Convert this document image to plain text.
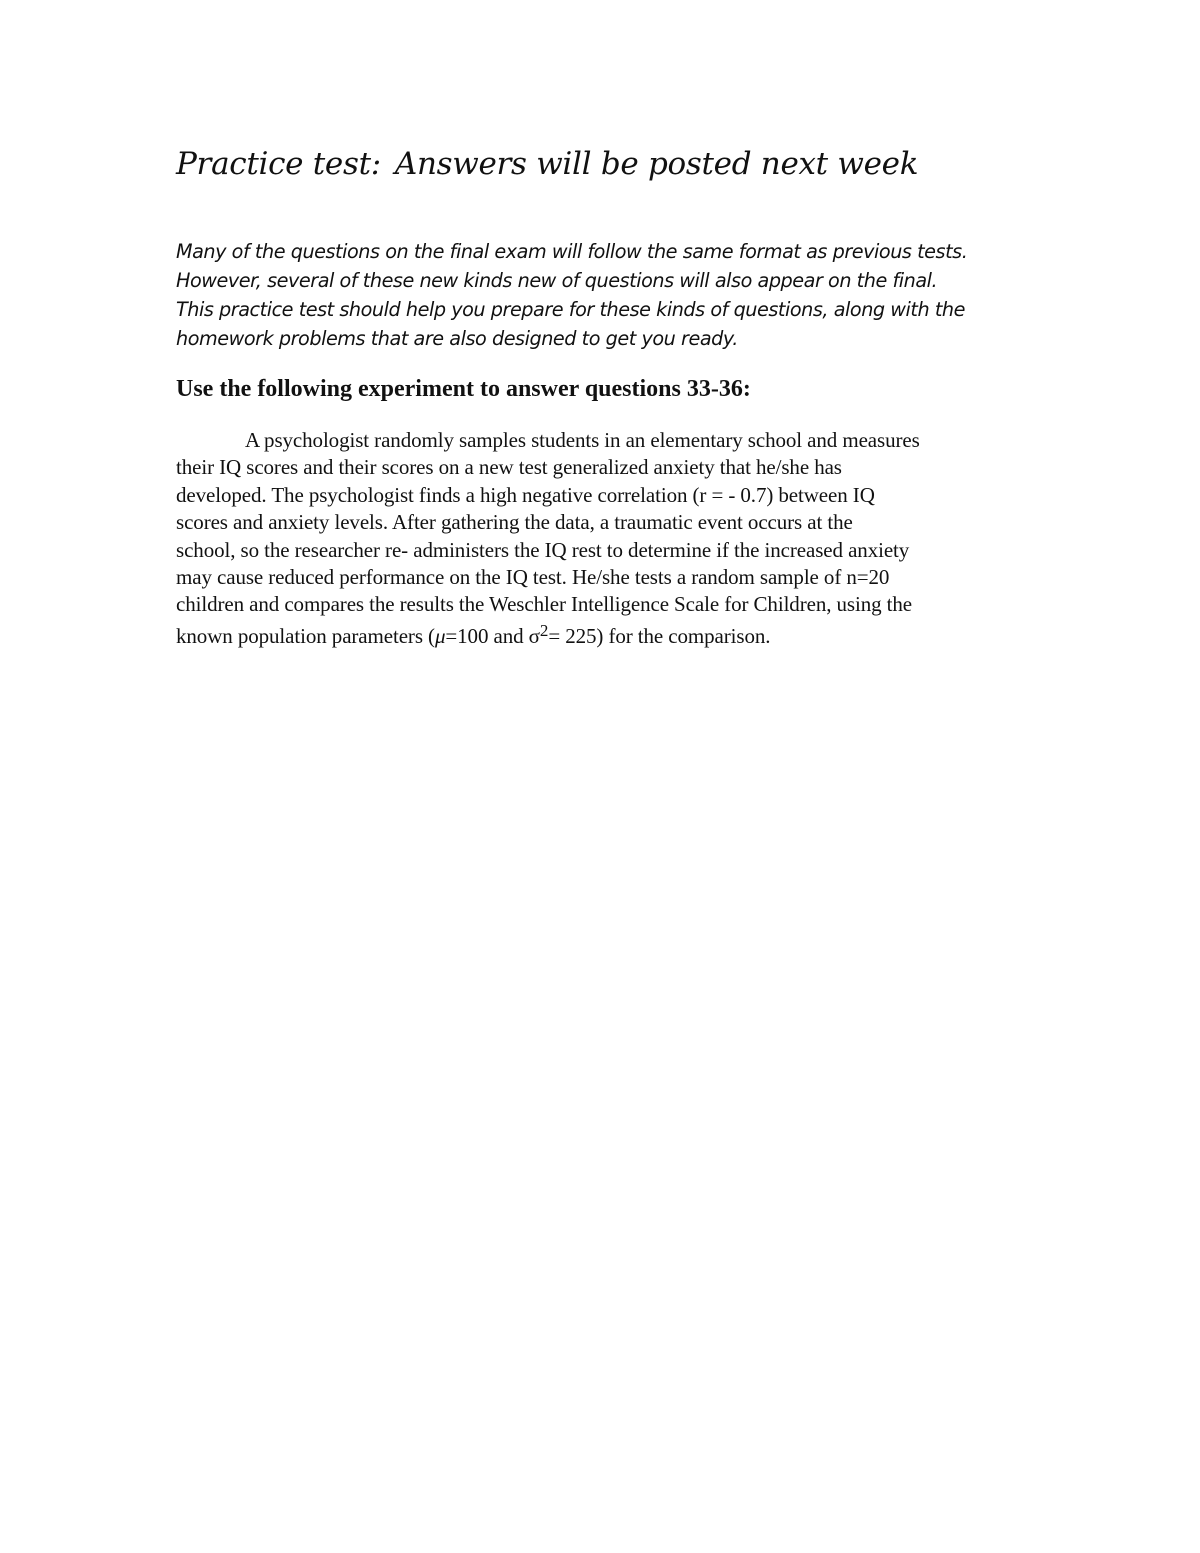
Practice test: Answers will be posted next week
Many of the questions on the final exam will follow the same format as previous tests.
However, several of these new kinds new of questions will also appear on the final.
This practice test should help you prepare for these kinds of questions, along with the
homework problems that are also designed to get you ready.
Use the following experiment to answer questions 33-36:
A psychologist randomly samples students in an elementary school and measures
their IQ scores and their scores on a new test generalized anxiety that he/she has
developed. The psychologist finds a high negative correlation (r = - 0.7) between IQ
scores and anxiety levels. After gathering the data, a traumatic event occurs at the
school, so the researcher re- administers the IQ rest to determine if the increased anxiety
may cause reduced performance on the IQ test. He/she tests a random sample of n=20
children and compares the results the Weschler Intelligence Scale for Children, using the
known population parameters (μ=100 and $\sigma^2= 225$) for the comparison.
